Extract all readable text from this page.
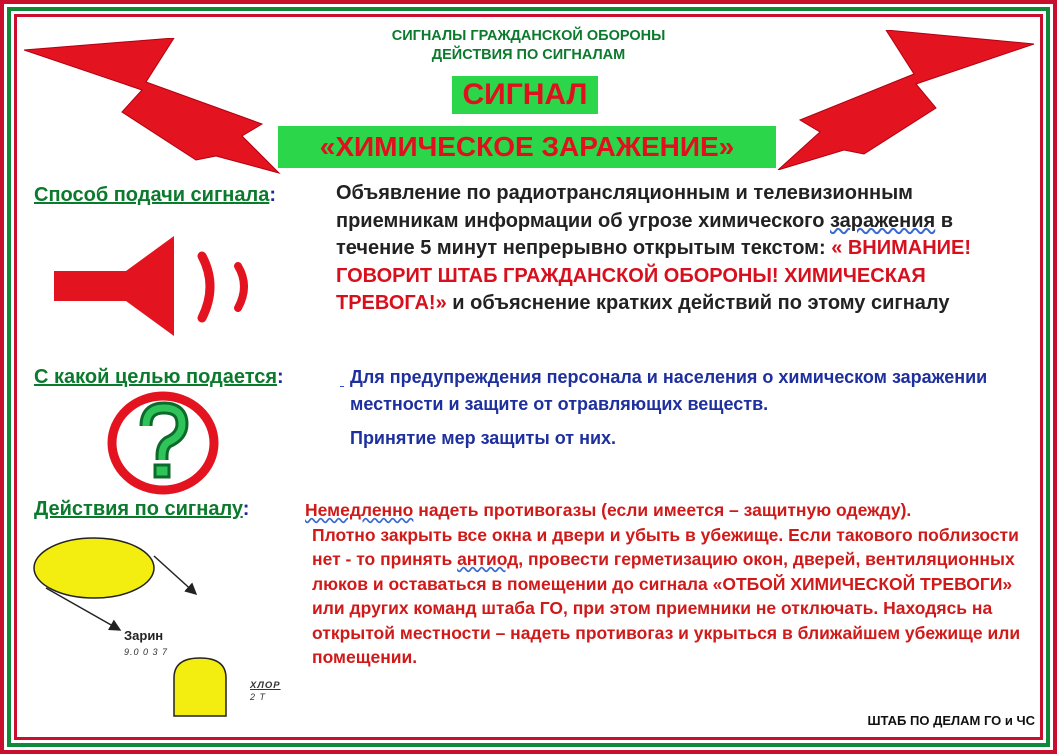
СИГНАЛЫ ГРАЖДАНСКОЙ ОБОРОНЫ
ДЕЙСТВИЯ ПО СИГНАЛАМ
СИГНАЛ
«ХИМИЧЕСКОЕ ЗАРАЖЕНИЕ»
Способ подачи сигнала:	Объявление по радиотрансляционным и телевизионным приемникам информации об угрозе химического заражения в течение 5 минут непрерывно открытым текстом: « ВНИМАНИЕ! ГОВОРИТ ШТАБ ГРАЖДАНСКОЙ ОБОРОНЫ! ХИМИЧЕСКАЯ ТРЕВОГА!» и объяснение кратких действий по этому сигналу
С какой целью подается:	Для предупреждения персонала и населения о химическом заражении местности и защите от отравляющих веществ.
Принятие мер защиты от них.
Действия по сигналу:	Немедленно надеть противогазы (если имеется – защитную одежду).
Плотно закрыть все окна и двери и убыть в убежище. Если такового поблизости нет - то принять антиод, провести герметизацию окон, дверей, вентиляционных люков и оставаться в помещении до сигнала «ОТБОЙ ХИМИЧЕСКОЙ ТРЕВОГИ» или других команд штаба ГО, при этом приемники не отключать. Находясь на открытой местности – надеть противогаз и укрыться в ближайшем убежище или помещении.
Зарин
9.0 0 3 7
ХЛОР
2 Т
ШТАБ ПО ДЕЛАМ ГО и ЧС
